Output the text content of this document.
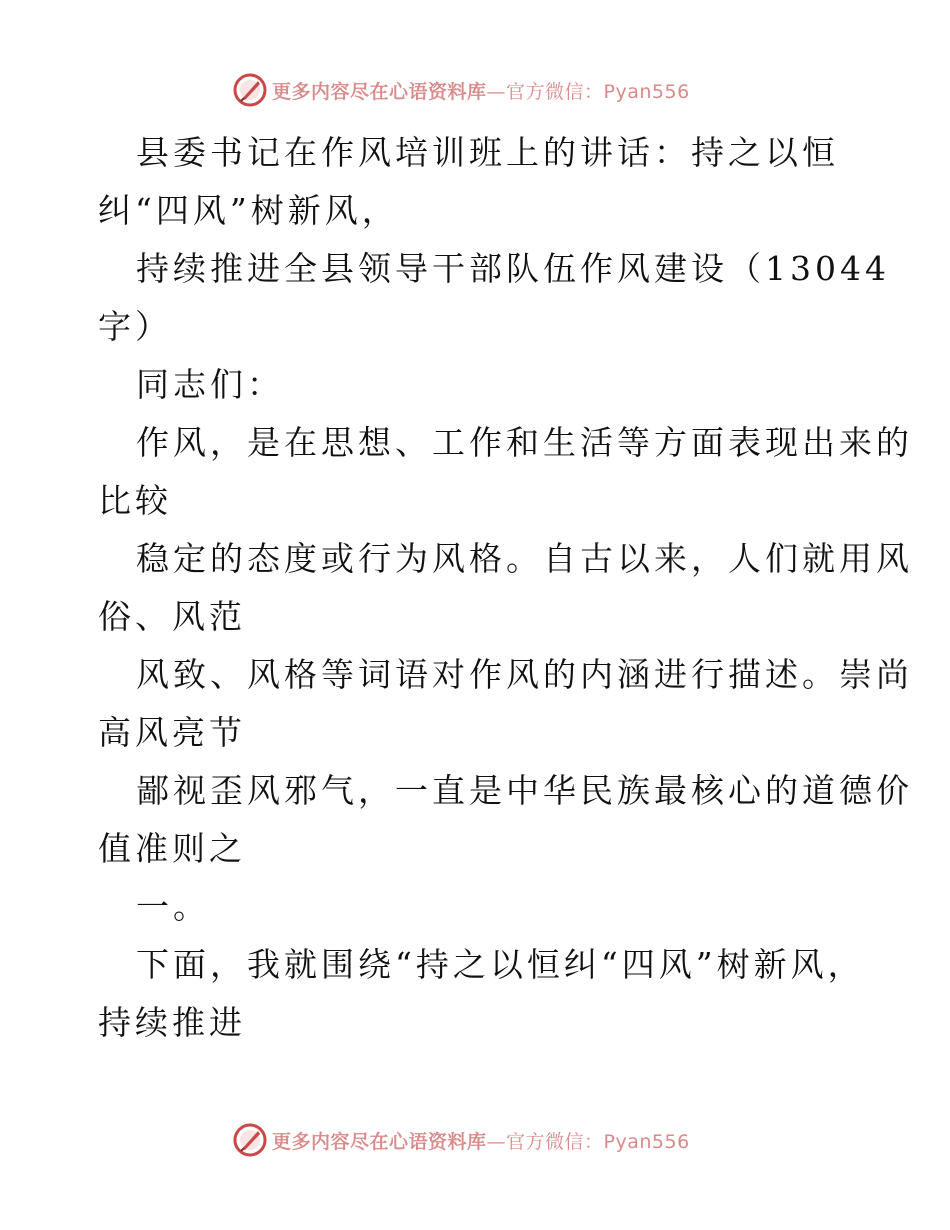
更多内容尽在心语资料库—官方微信：Pyan556
县委书记在作风培训班上的讲话：持之以恒
纠“四风”树新风，
持续推进全县领导干部队伍作风建设（13044
字）
同志们：
作风，是在思想、工作和生活等方面表现出来的
比较
稳定的态度或行为风格。自古以来，人们就用风
俗、风范
风致、风格等词语对作风的内涵进行描述。崇尚
高风亮节
鄙视歪风邪气，一直是中华民族最核心的道德价
值准则之
一。
下面，我就围绕“持之以恒纠“四风”树新风，
持续推进
更多内容尽在心语资料库—官方微信：Pyan556
